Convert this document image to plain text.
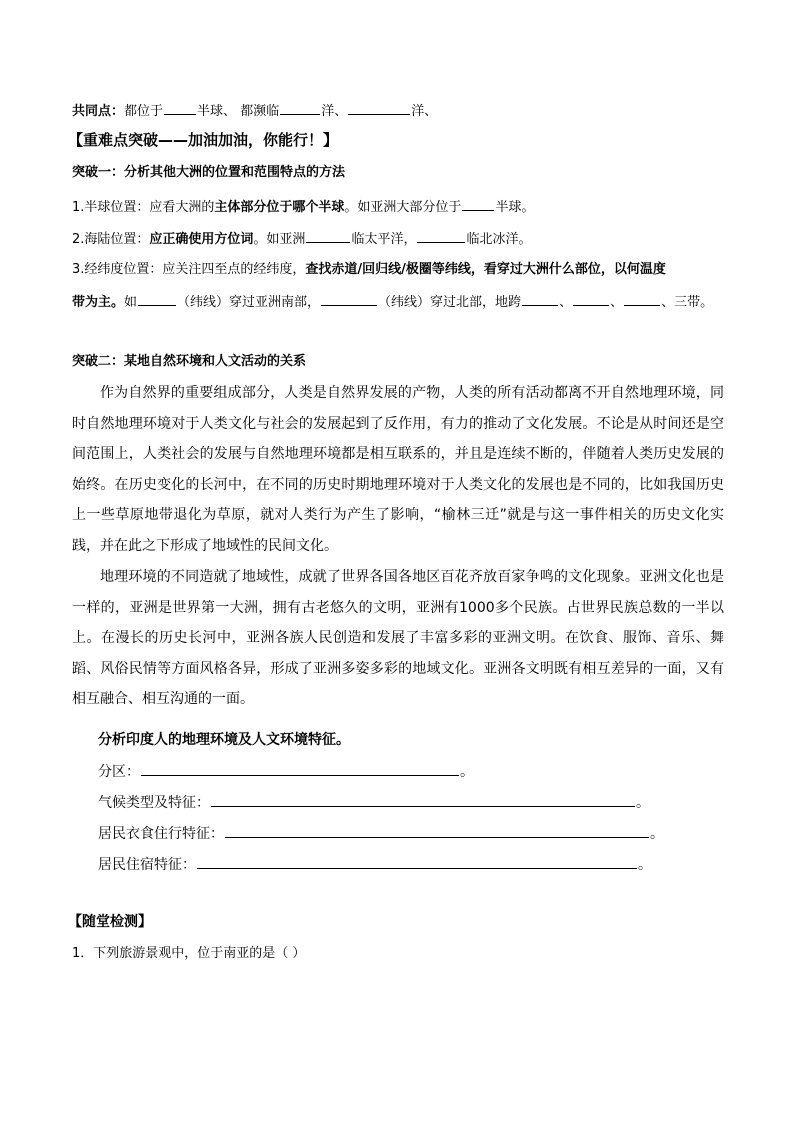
共同点：都位于	半球、 都濒临	洋、	洋、
【重难点突破——加油加油，你能行！】
突破一：分析其他大洲的位置和范围特点的方法
1.半球位置：应看大洲的主体部分位于哪个半球。如亚洲大部分位于	半球。
2.海陆位置：应正确使用方位词。如亚洲	临太平洋，	临北冰洋。
3.经纬度位置：应关注四至点的经纬度，查找赤道/回归线/极圈等纬线，看穿过大洲什么部位，以何温度
带为主。如	（纬线）穿过亚洲南部，	（纬线）穿过北部，地跨	、	、	、三带。
突破二：某地自然环境和人文活动的关系

作为自然界的重要组成部分，人类是自然界发展的产物，人类的所有活动都离不开自然地理环境，同时自然地理环境对于人类文化与社会的发展起到了反作用，有力的推动了文化发展。不论是从时间还是空间范围上，人类社会的发展与自然地理环境都是相互联系的，并且是连续不断的，伴随着人类历史发展的始终。在历史变化的长河中，在不同的历史时期地理环境对于人类文化的发展也是不同的，比如我国历史上一些草原地带退化为草原，就对人类行为产生了影响，“榆林三迁”就是与这一事件相关的历史文化实践，并在此之下形成了地域性的民间文化。

地理环境的不同造就了地域性，成就了世界各国各地区百花齐放百家争鸣的文化现象。亚洲文化也是一样的，亚洲是世界第一大洲，拥有古老悠久的文明，亚洲有1000多个民族。占世界民族总数的一半以上。在漫长的历史长河中，亚洲各族人民创造和发展了丰富多彩的亚洲文明。在饮食、服饰、音乐、舞蹈、风俗民情等方面风格各异，形成了亚洲多姿多彩的地域文化。亚洲各文明既有相互差异的一面，又有相互融合、相互沟通的一面。

分析印度人的地理环境及人文环境特征。
分区：	。
气候类型及特征：	。
居民衣食住行特征：	。
居民住宿特征：	。
【随堂检测】
1．下列旅游景观中，位于南亚的是（ ）
